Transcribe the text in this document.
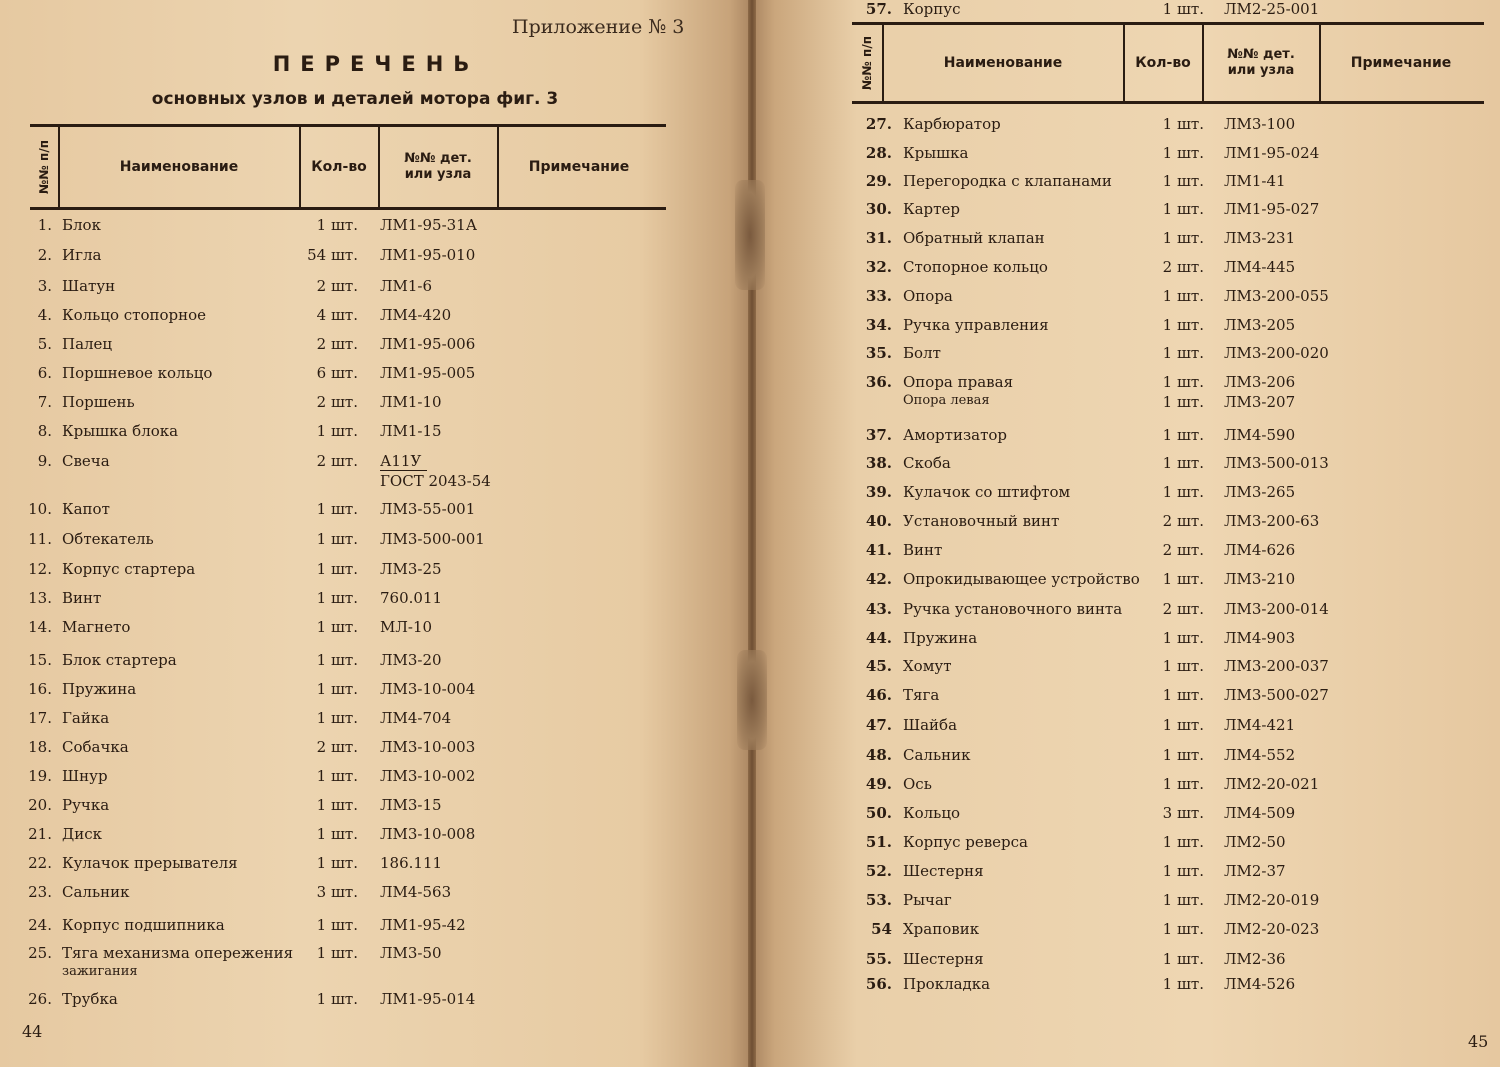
Приложение № 3
ПЕРЕЧЕНЬ
основных узлов и деталей мотора фиг. 3
№№ п/п	Наименование	Кол-во
№№ дет.
или узла	Примечание
1. Блок	1 шт. ЛМ1-95-31А
2. Игла	54 шт. ЛМ1-95-010
3. Шатун	2 шт. ЛМ1-6
4. Кольцо стопорное	4 шт. ЛМ4-420
5. Палец	2 шт. ЛМ1-95-006
6. Поршневое кольцо	6 шт. ЛМ1-95-005
7. Поршень	2 шт. ЛМ1-10
8. Крышка блока	1 шт. ЛМ1-15
9. Свеча	2 шт. А11У
ГОСТ 2043-54
10. Капот	1 шт. ЛМ3-55-001
11. Обтекатель	1 шт. ЛМ3-500-001
12. Корпус стартера	1 шт. ЛМ3-25
13. Винт	1 шт. 760.011
14. Магнето	1 шт. МЛ-10
15. Блок стартера	1 шт. ЛМ3-20
16. Пружина	1 шт. ЛМ3-10-004
17. Гайка	1 шт. ЛМ4-704
18. Собачка	2 шт. ЛМ3-10-003
19. Шнур	1 шт. ЛМ3-10-002
20. Ручка	1 шт. ЛМ3-15
21. Диск	1 шт. ЛМ3-10-008
22. Кулачок прерывателя	1 шт. 186.111
23. Сальник	3 шт. ЛМ4-563
24. Корпус подшипника	1 шт. ЛМ1-95-42
25. Тяга механизма опережения	1 шт. ЛМ3-50
зажигания
26. Трубка	1 шт. ЛМ1-95-014
44
№№ п/п	Наименование	Кол-во
№№ дет.
или узла	Примечание
27. Карбюратор	1 шт. ЛМ3-100
28. Крышка	1 шт. ЛМ1-95-024
29. Перегородка с клапанами	1 шт. ЛМ1-41
30. Картер	1 шт. ЛМ1-95-027
31. Обратный клапан	1 шт. ЛМ3-231
32. Стопорное кольцо	2 шт. ЛМ4-445
33. Опора	1 шт. ЛМ3-200-055
34. Ручка управления	1 шт. ЛМ3-205
35. Болт	1 шт. ЛМ3-200-020
36. Опора правая	1 шт. ЛМ3-206
Опора левая	1 шт. ЛМ3-207
37. Амортизатор	1 шт. ЛМ4-590
38. Скоба	1 шт. ЛМ3-500-013
39. Кулачок со штифтом	1 шт. ЛМ3-265
40. Установочный винт	2 шт. ЛМ3-200-63
41. Винт	2 шт. ЛМ4-626
42. Опрокидывающее устройство	1 шт. ЛМ3-210
43. Ручка установочного винта	2 шт. ЛМ3-200-014
44. Пружина	1 шт. ЛМ4-903
45. Хомут	1 шт. ЛМ3-200-037
46. Тяга	1 шт. ЛМ3-500-027
47. Шайба	1 шт. ЛМ4-421
48. Сальник	1 шт. ЛМ4-552
49. Ось	1 шт. ЛМ2-20-021
50. Кольцо	3 шт. ЛМ4-509
51. Корпус реверса	1 шт. ЛМ2-50
52. Шестерня	1 шт. ЛМ2-37
53. Рычаг	1 шт. ЛМ2-20-019
54 Храповик	1 шт. ЛМ2-20-023
55. Шестерня	1 шт. ЛМ2-36
56. Прокладка	1 шт. ЛМ4-526
57. Корпус	1 шт. ЛМ2-25-001
45
